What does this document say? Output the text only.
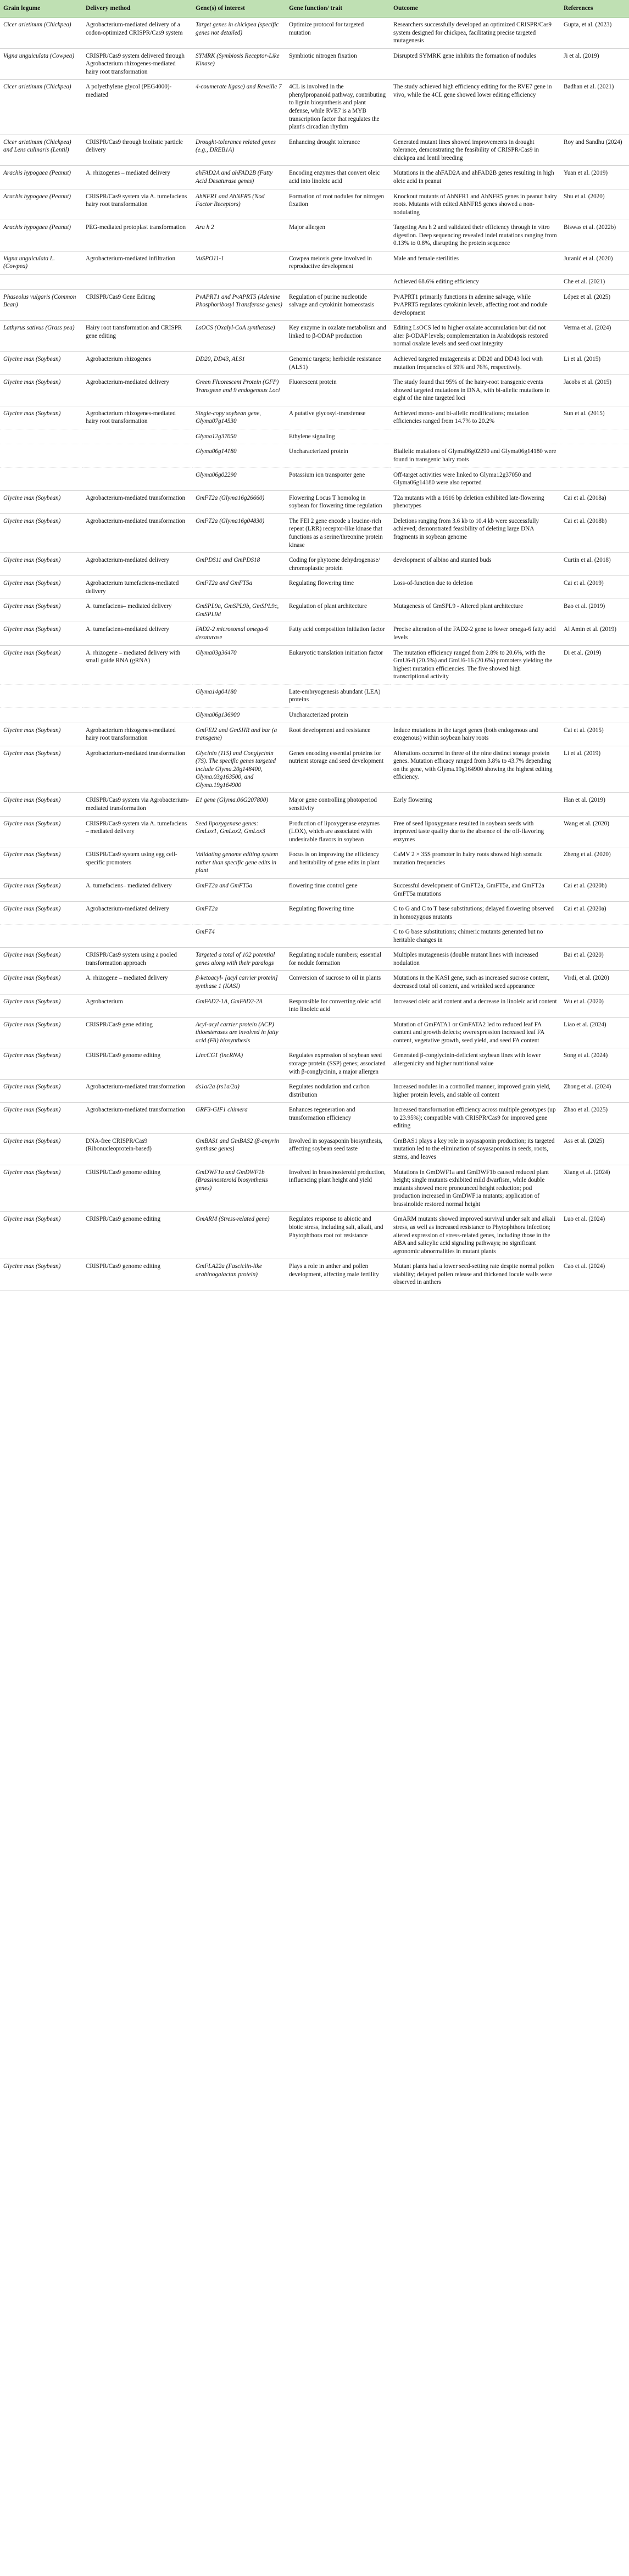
Grain legume	Delivery method	Gene(s) of interest	Gene function/ trait	Outcome	References
Cicer arietinum (Chickpea)	Agrobacterium-mediated delivery of a codon-optimized CRISPR/Cas9 system	Target genes in chickpea (specific genes not detailed)	Optimize protocol for targeted mutation	Researchers successfully developed an optimized CRISPR/Cas9 system designed for chickpea, facilitating precise targeted mutagenesis	Gupta, et al. (2023)
Vigna unguiculata (Cowpea)	CRISPR/Cas9 system delivered through Agrobacterium rhizogenes-mediated hairy root transformation	SYMRK (Symbiosis Receptor-Like Kinase)	Symbiotic nitrogen fixation	Disrupted SYMRK gene inhibits the formation of nodules	Ji et al. (2019)
Cicer arietinum (Chickpea)	A polyethylene glycol (PEG4000)-mediated	4-coumerate ligase) and Reveille 7	4CL is involved in the phenylpropanoid pathway, contributing to lignin biosynthesis and plant defense, while RVE7 is a MYB transcription factor that regulates the plant's circadian rhythm	The study achieved high efficiency editing for the RVE7 gene in vivo, while the 4CL gene showed lower editing efficiency	Badhan et al. (2021)
Cicer arietinum (Chickpea) and Lens culinaris (Lentil)	CRISPR/Cas9 through biolistic particle delivery	Drought-tolerance related genes (e.g., DREB1A)	Enhancing drought tolerance	Generated mutant lines showed improvements in drought tolerance, demonstrating the feasibility of CRISPR/Cas9 in chickpea and lentil breeding	Roy and Sandhu (2024)
Arachis hypogaea (Peanut)	A. rhizogenes – mediated delivery	ahFAD2A and ahFAD2B (Fatty Acid Desaturase genes)	Encoding enzymes that convert oleic acid into linoleic acid	Mutations in the ahFAD2A and ahFAD2B genes resulting in high oleic acid in peanut	Yuan et al. (2019)
Arachis hypogaea (Peanut)	CRISPR/Cas9 system via A. tumefaciens hairy root transformation	AhNFR1 and AhNFR5 (Nod Factor Receptors)	Formation of root nodules for nitrogen fixation	Knockout mutants of AhNFR1 and AhNFR5 genes in peanut hairy roots. Mutants with edited AhNFR5 genes showed a non-nodulating	Shu et al. (2020)
Arachis hypogaea (Peanut)	PEG-mediated protoplast transformation	Ara h 2	Major allergen	Targeting Ara h 2 and validated their efficiency through in vitro digestion. Deep sequencing revealed indel mutations ranging from 0.13% to 0.8%, disrupting the protein sequence	Biswas et al. (2022b)
Vigna unguiculata L. (Cowpea)	Agrobacterium-mediated infiltration	VuSPO11-1	Cowpea meiosis gene involved in reproductive development	Male and female sterilities	Juranić et al. (2020)
				Achieved 68.6% editing efficiency	Che et al. (2021)
Phaseolus vulgaris (Common Bean)	CRISPR/Cas9 Gene Editing	PvAPRT1 and PvAPRT5 (Adenine Phosphoribosyl Transferase genes)	Regulation of purine nucleotide salvage and cytokinin homeostasis	PvAPRT1 primarily functions in adenine salvage, while PvAPRT5 regulates cytokinin levels, affecting root and nodule development	López et al. (2025)
Lathyrus sativus (Grass pea)	Hairy root transformation and CRISPR gene editing	LsOCS (Oxalyl-CoA synthetase)	Key enzyme in oxalate metabolism and linked to β-ODAP production	Editing LsOCS led to higher oxalate accumulation but did not alter β-ODAP levels; complementation in Arabidopsis restored normal oxalate levels and seed coat integrity	Verma et al. (2024)
Glycine max (Soybean)	Agrobacterium rhizogenes	DD20, DD43, ALS1	Genomic targets; herbicide resistance (ALS1)	Achieved targeted mutagenesis at DD20 and DD43 loci with mutation frequencies of 59% and 76%, respectively.	Li et al. (2015)
Glycine max (Soybean)	Agrobacterium-mediated delivery	Green Fluorescent Protein (GFP) Transgene and 9 endogenous Loci	Fluorescent protein	The study found that 95% of the hairy-root transgenic events showed targeted mutations in DNA, with bi-allelic mutations in eight of the nine targeted loci	Jacobs et al. (2015)
Glycine max (Soybean)	Agrobacterium rhizogenes-mediated hairy root transformation	Single-copy soybean gene, Glyma07g14530	A putative glycosyl-transferase	Achieved mono- and bi-allelic modifications; mutation efficiencies ranged from 14.7% to 20.2%	Sun et al. (2015)
		Glyma12g37050	Ethylene signaling		
		Glyma06g14180	Uncharacterized protein	Biallelic mutations of Glyma06g02290 and Glyma06g14180 were found in transgenic hairy roots	
		Glyma06g02290	Potassium ion transporter gene	Off-target activities were linked to Glyma12g37050 and Glyma06g14180 were also reported	
Glycine max (Soybean)	Agrobacterium-mediated transformation	GmFT2a (Glyma16g26660)	Flowering Locus T homolog in soybean for flowering time regulation	T2a mutants with a 1616 bp deletion exhibited late-flowering phenotypes	Cai et al. (2018a)
Glycine max (Soybean)	Agrobacterium-mediated transformation	GmFT2a (Glyma16g04830)	The FEI 2 gene encode a leucine-rich repeat (LRR) receptor-like kinase that functions as a serine/threonine protein kinase	Deletions ranging from 3.6 kb to 10.4 kb were successfully achieved; demonstrated feasibility of deleting large DNA fragments in soybean genome	Cai et al. (2018b)
Glycine max (Soybean)	Agrobacterium-mediated delivery	GmPDS11 and GmPDS18	Coding for phytoene dehydrogenase/ chromoplastic protein	development of albino and stunted buds	Curtin et al. (2018)
Glycine max (Soybean)	Agrobacterium tumefaciens-mediated delivery	GmFT2a and GmFT5a	Regulating flowering time	Loss-of-function due to deletion	Cai et al. (2019)
Glycine max (Soybean)	A. tumefaciens– mediated delivery	GmSPL9a, GmSPL9b, GmSPL9c, GmSPL9d	Regulation of plant architecture	Mutagenesis of GmSPL9 - Altered plant architecture	Bao et al. (2019)
Glycine max (Soybean)	A. tumefaciens-mediated delivery	FAD2-2 microsomal omega-6 desaturase	Fatty acid composition initiation factor	Precise alteration of the FAD2-2 gene to lower omega-6 fatty acid levels	Al Amin et al. (2019)
Glycine max (Soybean)	A. rhizogene – mediated delivery with small guide RNA (gRNA)	Glyma03g36470	Eukaryotic translation initiation factor	The mutation efficiency ranged from 2.8% to 20.6%, with the GmU6-8 (20.5%) and GmU6-16 (20.6%) promoters yielding the highest mutation efficiencies. The five showed high transcriptional activity	Di et al. (2019)
		Glyma14g04180	Late-embryogenesis abundant (LEA) proteins		
		Glyma06g136900	Uncharacterized protein		
Glycine max (Soybean)	Agrobacterium rhizogenes-mediated hairy root transformation	GmFEI2 and GmSHR and bar (a transgene)	Root development and resistance	Induce mutations in the target genes (both endogenous and exogenous) within soybean hairy roots	Cai et al. (2015)
Glycine max (Soybean)	Agrobacterium-mediated transformation	Glycinin (11S) and Conglycinin (7S). The specific genes targeted include Glyma.20g148400, Glyma.03g163500, and Glyma.19g164900	Genes encoding essential proteins for nutrient storage and seed development	Alterations occurred in three of the nine distinct storage protein genes. Mutation efficacy ranged from 3.8% to 43.7% depending on the gene, with Glyma.19g164900 showing the highest editing efficiency.	Li et al. (2019)
Glycine max (Soybean)	CRISPR/Cas9 system via Agrobacterium-mediated transformation	E1 gene (Glyma.06G207800)	Major gene controlling photoperiod sensitivity	Early flowering	Han et al. (2019)
Glycine max (Soybean)	CRISPR/Cas9 system via A. tumefaciens – mediated delivery	Seed lipoxygenase genes: GmLox1, GmLox2, GmLox3	Production of lipoxygenase enzymes (LOX), which are associated with undesirable flavors in soybean	Free of seed lipoxygenase resulted in soybean seeds with improved taste quality due to the absence of the off-flavoring enzymes	Wang et al. (2020)
Glycine max (Soybean)	CRISPR/Cas9 system using egg cell-specific promoters	Validating genome editing system rather than specific gene edits in plant	Focus is on improving the efficiency and heritability of gene edits in plant	CaMV 2 × 35S promoter in hairy roots showed high somatic mutation frequencies	Zheng et al. (2020)
Glycine max (Soybean)	A. tumefaciens– mediated delivery	GmFT2a and GmFT5a	flowering time control gene	Successful development of GmFT2a, GmFT5a, and GmFT2a GmFT5a mutations	Cai et al. (2020b)
Glycine max (Soybean)	Agrobacterium-mediated delivery	GmFT2a	Regulating flowering time	C to G and C to T base substitutions; delayed flowering observed in homozygous mutants	Cai et al. (2020a)
		GmFT4		C to G base substitutions; chimeric mutants generated but no heritable changes in	
Glycine max (Soybean)	CRISPR/Cas9 system using a pooled transformation approach	Targeted a total of 102 potential genes along with their paralogs	Regulating nodule numbers; essential for nodule formation	Multiples mutagenesis (double mutant lines with increased nodulation	Bai et al. (2020)
Glycine max (Soybean)	A. rhizogene – mediated delivery	β-ketoacyl- [acyl carrier protein] synthase 1 (KASI)	Conversion of sucrose to oil in plants	Mutations in the KASI gene, such as increased sucrose content, decreased total oil content, and wrinkled seed appearance	Virdi, et al. (2020)
Glycine max (Soybean)	Agrobacterium	GmFAD2-1A, GmFAD2-2A	Responsible for converting oleic acid into linoleic acid	Increased oleic acid content and a decrease in linoleic acid content	Wu et al. (2020)
Glycine max (Soybean)	CRISPR/Cas9 gene editing	Acyl-acyl carrier protein (ACP) thioesterases are involved in fatty acid (FA) biosynthesis		Mutation of GmFATA1 or GmFATA2 led to reduced leaf FA content and growth defects; overexpression increased leaf FA content, vegetative growth, seed yield, and seed FA content	Liao et al. (2024)
Glycine max (Soybean)	CRISPR/Cas9 genome editing	LincCG1 (lncRNA)	Regulates expression of soybean seed storage protein (SSP) genes; associated with β-conglycinin, a major allergen	Generated β-conglycinin-deficient soybean lines with lower allergenicity and higher nutritional value	Song et al. (2024)
Glycine max (Soybean)	Agrobacterium-mediated transformation	ds1a/2a (rs1a/2a)	Regulates nodulation and carbon distribution	Increased nodules in a controlled manner, improved grain yield, higher protein levels, and stable oil content	Zhong et al. (2024)
Glycine max (Soybean)	Agrobacterium-mediated transformation	GRF3-GIF1 chimera	Enhances regeneration and transformation efficiency	Increased transformation efficiency across multiple genotypes (up to 23.95%); compatible with CRISPR/Cas9 for improved gene editing	Zhao et al. (2025)
Glycine max (Soybean)	DNA-free CRISPR/Cas9 (Ribonucleoprotein-based)	GmBAS1 and GmBAS2 (β-amyrin synthase genes)	Involved in soyasaponin biosynthesis, affecting soybean seed taste	GmBAS1 plays a key role in soyasaponin production; its targeted mutation led to the elimination of soyasaponins in seeds, roots, stems, and leaves	Ass et al. (2025)
Glycine max (Soybean)	CRISPR/Cas9 genome editing	GmDWF1a and GmDWF1b (Brassinosteroid biosynthesis genes)	Involved in brassinosteroid production, influencing plant height and yield	Mutations in GmDWF1a and GmDWF1b caused reduced plant height; single mutants exhibited mild dwarfism, while double mutants showed more pronounced height reduction; pod production increased in GmDWF1a mutants; application of brassinolide restored normal height	Xiang et al. (2024)
Glycine max (Soybean)	CRISPR/Cas9 genome editing	GmARM (Stress-related gene)	Regulates response to abiotic and biotic stress, including salt, alkali, and Phytophthora root rot resistance	GmARM mutants showed improved survival under salt and alkali stress, as well as increased resistance to Phytophthora infection; altered expression of stress-related genes, including those in the ABA and salicylic acid signaling pathways; no significant agronomic abnormalities in mutant plants	Luo et al. (2024)
Glycine max (Soybean)	CRISPR/Cas9 genome editing	GmFLA22a (Fasciclin-like arabinogalactan protein)	Plays a role in anther and pollen development, affecting male fertility	Mutant plants had a lower seed-setting rate despite normal pollen viability; delayed pollen release and thickened locule walls were observed in anthers	Cao et al. (2024)
